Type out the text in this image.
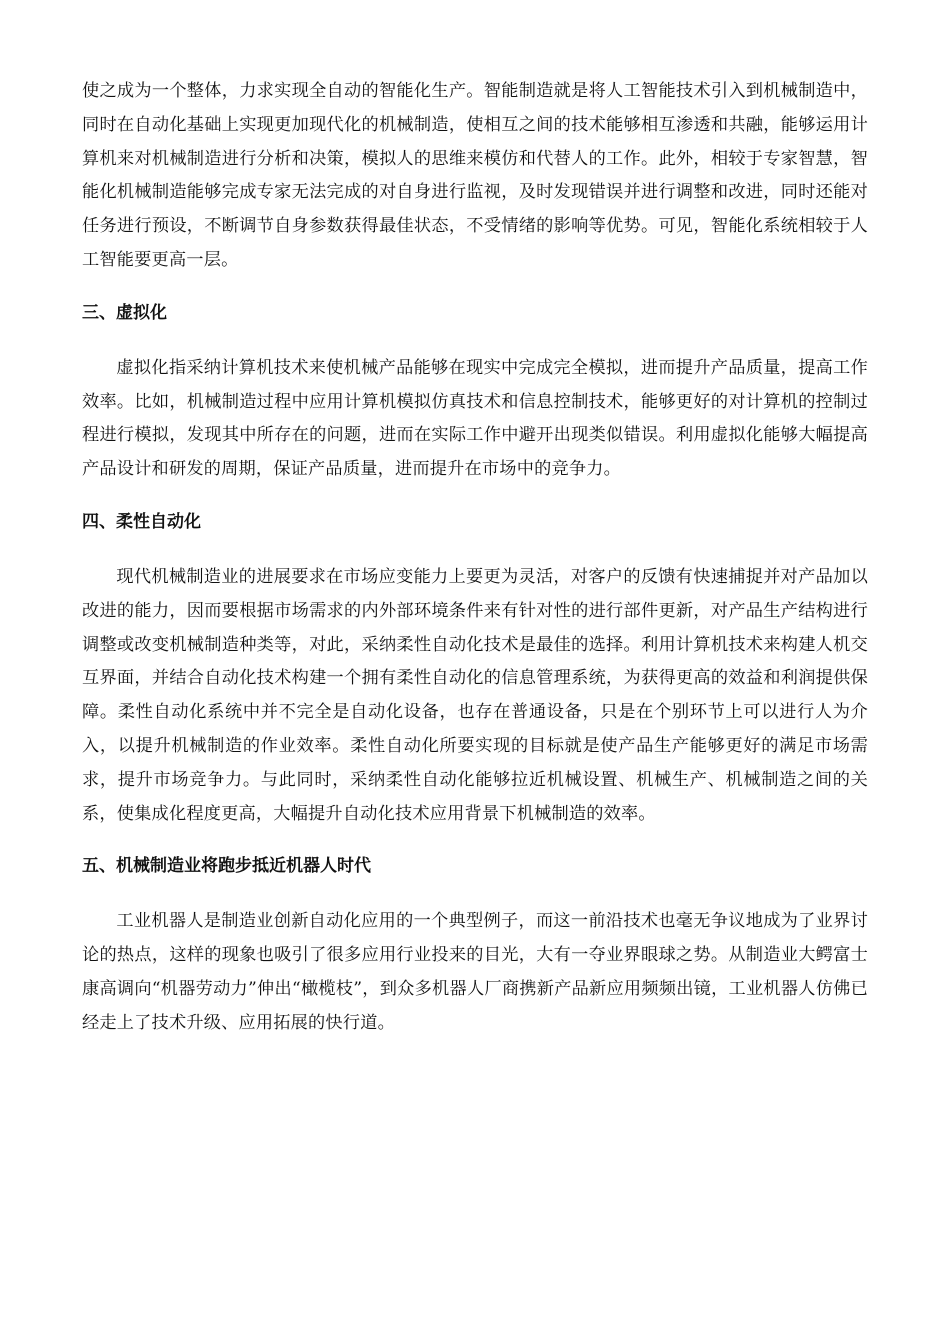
使之成为一个整体，力求实现全自动的智能化生产。智能制造就是将人工智能技术引入到机械制造中，同时在自动化基础上实现更加现代化的机械制造，使相互之间的技术能够相互渗透和共融，能够运用计算机来对机械制造进行分析和决策，模拟人的思维来模仿和代替人的工作。此外，相较于专家智慧，智能化机械制造能够完成专家无法完成的对自身进行监视，及时发现错误并进行调整和改进，同时还能对任务进行预设，不断调节自身参数获得最佳状态，不受情绪的影响等优势。可见，智能化系统相较于人工智能要更高一层。

三、虚拟化

虚拟化指采纳计算机技术来使机械产品能够在现实中完成完全模拟，进而提升产品质量，提高工作效率。比如，机械制造过程中应用计算机模拟仿真技术和信息控制技术，能够更好的对计算机的控制过程进行模拟，发现其中所存在的问题，进而在实际工作中避开出现类似错误。利用虚拟化能够大幅提高产品设计和研发的周期，保证产品质量，进而提升在市场中的竞争力。

四、柔性自动化

现代机械制造业的进展要求在市场应变能力上要更为灵活，对客户的反馈有快速捕捉并对产品加以改进的能力，因而要根据市场需求的内外部环境条件来有针对性的进行部件更新，对产品生产结构进行调整或改变机械制造种类等，对此，采纳柔性自动化技术是最佳的选择。利用计算机技术来构建人机交互界面，并结合自动化技术构建一个拥有柔性自动化的信息管理系统，为获得更高的效益和利润提供保障。柔性自动化系统中并不完全是自动化设备，也存在普通设备，只是在个别环节上可以进行人为介入，以提升机械制造的作业效率。柔性自动化所要实现的目标就是使产品生产能够更好的满足市场需求，提升市场竞争力。与此同时，采纳柔性自动化能够拉近机械设置、机械生产、机械制造之间的关系，使集成化程度更高，大幅提升自动化技术应用背景下机械制造的效率。

五、机械制造业将跑步抵近机器人时代

工业机器人是制造业创新自动化应用的一个典型例子，而这一前沿技术也毫无争议地成为了业界讨论的热点，这样的现象也吸引了很多应用行业投来的目光，大有一夺业界眼球之势。从制造业大鳄富士康高调向“机器劳动力”伸出“橄榄枝”，到众多机器人厂商携新产品新应用频频出镜，工业机器人仿佛已经走上了技术升级、应用拓展的快行道。
